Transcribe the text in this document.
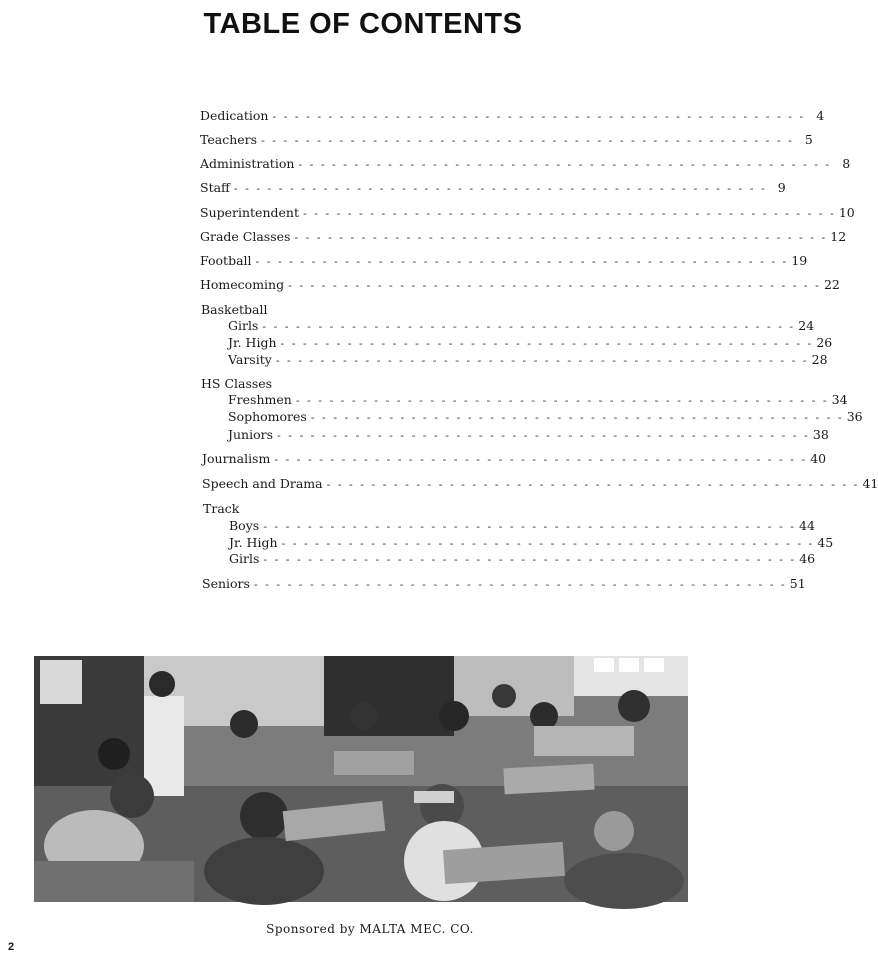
TABLE OF CONTENTS
Dedication - - - - - - - - - - - - - - - - - - - - - - - - - - - - - - - - - - - - - - - - - - - - - - - - 4
Teachers - - - - - - - - - - - - - - - - - - - - - - - - - - - - - - - - - - - - - - - - - - - - - - - - 5
Administration - - - - - - - - - - - - - - - - - - - - - - - - - - - - - - - - - - - - - - - - - - - - - - - - 8
Staff - - - - - - - - - - - - - - - - - - - - - - - - - - - - - - - - - - - - - - - - - - - - - - - - 9
Superintendent - - - - - - - - - - - - - - - - - - - - - - - - - - - - - - - - - - - - - - - - - - - - - - - - 10
Grade Classes - - - - - - - - - - - - - - - - - - - - - - - - - - - - - - - - - - - - - - - - - - - - - - - - 12
Football - - - - - - - - - - - - - - - - - - - - - - - - - - - - - - - - - - - - - - - - - - - - - - - - 19
Homecoming - - - - - - - - - - - - - - - - - - - - - - - - - - - - - - - - - - - - - - - - - - - - - - - - 22
Basketball
Girls - - - - - - - - - - - - - - - - - - - - - - - - - - - - - - - - - - - - - - - - - - - - - - - - 24
Jr. High - - - - - - - - - - - - - - - - - - - - - - - - - - - - - - - - - - - - - - - - - - - - - - - - 26
Varsity - - - - - - - - - - - - - - - - - - - - - - - - - - - - - - - - - - - - - - - - - - - - - - - - 28
HS Classes
Freshmen - - - - - - - - - - - - - - - - - - - - - - - - - - - - - - - - - - - - - - - - - - - - - - - - 34
Sophomores - - - - - - - - - - - - - - - - - - - - - - - - - - - - - - - - - - - - - - - - - - - - - - - - 36
Juniors - - - - - - - - - - - - - - - - - - - - - - - - - - - - - - - - - - - - - - - - - - - - - - - - 38
Journalism - - - - - - - - - - - - - - - - - - - - - - - - - - - - - - - - - - - - - - - - - - - - - - - - 40
Speech and Drama - - - - - - - - - - - - - - - - - - - - - - - - - - - - - - - - - - - - - - - - - - - - - - - - 41
Track
Boys - - - - - - - - - - - - - - - - - - - - - - - - - - - - - - - - - - - - - - - - - - - - - - - - 44
Jr. High - - - - - - - - - - - - - - - - - - - - - - - - - - - - - - - - - - - - - - - - - - - - - - - - 45
Girls - - - - - - - - - - - - - - - - - - - - - - - - - - - - - - - - - - - - - - - - - - - - - - - - 46
Seniors - - - - - - - - - - - - - - - - - - - - - - - - - - - - - - - - - - - - - - - - - - - - - - - - 51
Sponsored by MALTA MEC. CO.
2
